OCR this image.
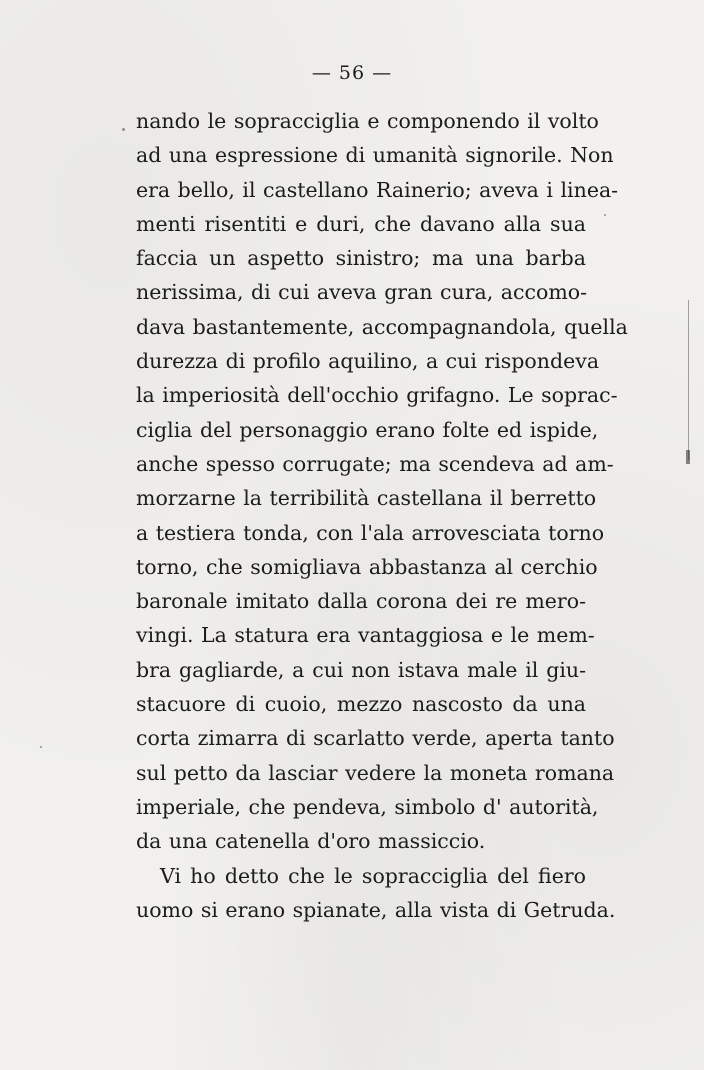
— 56 —
nando le sopracciglia e componendo il volto
ad una espressione di umanità signorile. Non
era bello, il castellano Rainerio; aveva i linea-
menti risentiti e duri, che davano alla sua
faccia un aspetto sinistro; ma una barba
nerissima, di cui aveva gran cura, accomo-
dava bastantemente, accompagnandola, quella
durezza di profilo aquilino, a cui rispondeva
la imperiosità dell'occhio grifagno. Le soprac-
ciglia del personaggio erano folte ed ispide,
anche spesso corrugate; ma scendeva ad am-
morzarne la terribilità castellana il berretto
a testiera tonda, con l'ala arrovesciata torno
torno, che somigliava abbastanza al cerchio
baronale imitato dalla corona dei re mero-
vingi. La statura era vantaggiosa e le mem-
bra gagliarde, a cui non istava male il giu-
stacuore di cuoio, mezzo nascosto da una
corta zimarra di scarlatto verde, aperta tanto
sul petto da lasciar vedere la moneta romana
imperiale, che pendeva, simbolo d' autorità,
da una catenella d'oro massiccio.
Vi ho detto che le sopracciglia del fiero
uomo si erano spianate, alla vista di Getruda.
